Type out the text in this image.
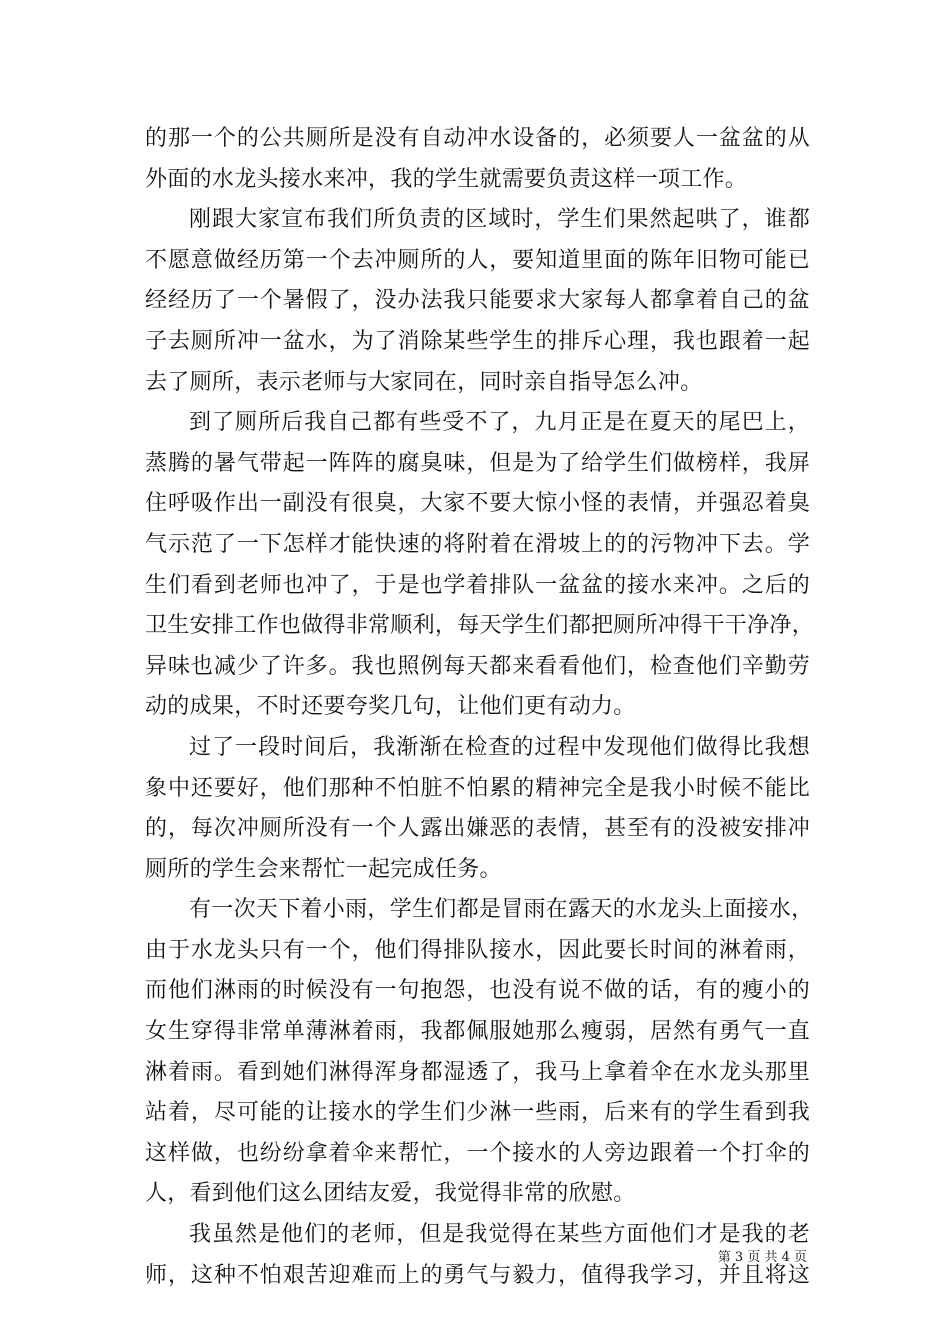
的那一个的公共厕所是没有自动冲水设备的，必须要人一盆盆的从
外面的水龙头接水来冲，我的学生就需要负责这样一项工作。
刚跟大家宣布我们所负责的区域时，学生们果然起哄了，谁都
不愿意做经历第一个去冲厕所的人，要知道里面的陈年旧物可能已
经经历了一个暑假了，没办法我只能要求大家每人都拿着自己的盆
子去厕所冲一盆水，为了消除某些学生的排斥心理，我也跟着一起
去了厕所，表示老师与大家同在，同时亲自指导怎么冲。
到了厕所后我自己都有些受不了，九月正是在夏天的尾巴上，
蒸腾的暑气带起一阵阵的腐臭味，但是为了给学生们做榜样，我屏
住呼吸作出一副没有很臭，大家不要大惊小怪的表情，并强忍着臭
气示范了一下怎样才能快速的将附着在滑坡上的的污物冲下去。学
生们看到老师也冲了，于是也学着排队一盆盆的接水来冲。之后的
卫生安排工作也做得非常顺利，每天学生们都把厕所冲得干干净净，
异味也减少了许多。我也照例每天都来看看他们，检查他们辛勤劳
动的成果，不时还要夸奖几句，让他们更有动力。
过了一段时间后，我渐渐在检查的过程中发现他们做得比我想
象中还要好，他们那种不怕脏不怕累的精神完全是我小时候不能比
的，每次冲厕所没有一个人露出嫌恶的表情，甚至有的没被安排冲
厕所的学生会来帮忙一起完成任务。
有一次天下着小雨，学生们都是冒雨在露天的水龙头上面接水，
由于水龙头只有一个，他们得排队接水，因此要长时间的淋着雨，
而他们淋雨的时候没有一句抱怨，也没有说不做的话，有的瘦小的
女生穿得非常单薄淋着雨，我都佩服她那么瘦弱，居然有勇气一直
淋着雨。看到她们淋得浑身都湿透了，我马上拿着伞在水龙头那里
站着，尽可能的让接水的学生们少淋一些雨，后来有的学生看到我
这样做，也纷纷拿着伞来帮忙，一个接水的人旁边跟着一个打伞的
人，看到他们这么团结友爱，我觉得非常的欣慰。
我虽然是他们的老师，但是我觉得在某些方面他们才是我的老
师，这种不怕艰苦迎难而上的勇气与毅力，值得我学习，并且将这
第 3 页 共 4 页
